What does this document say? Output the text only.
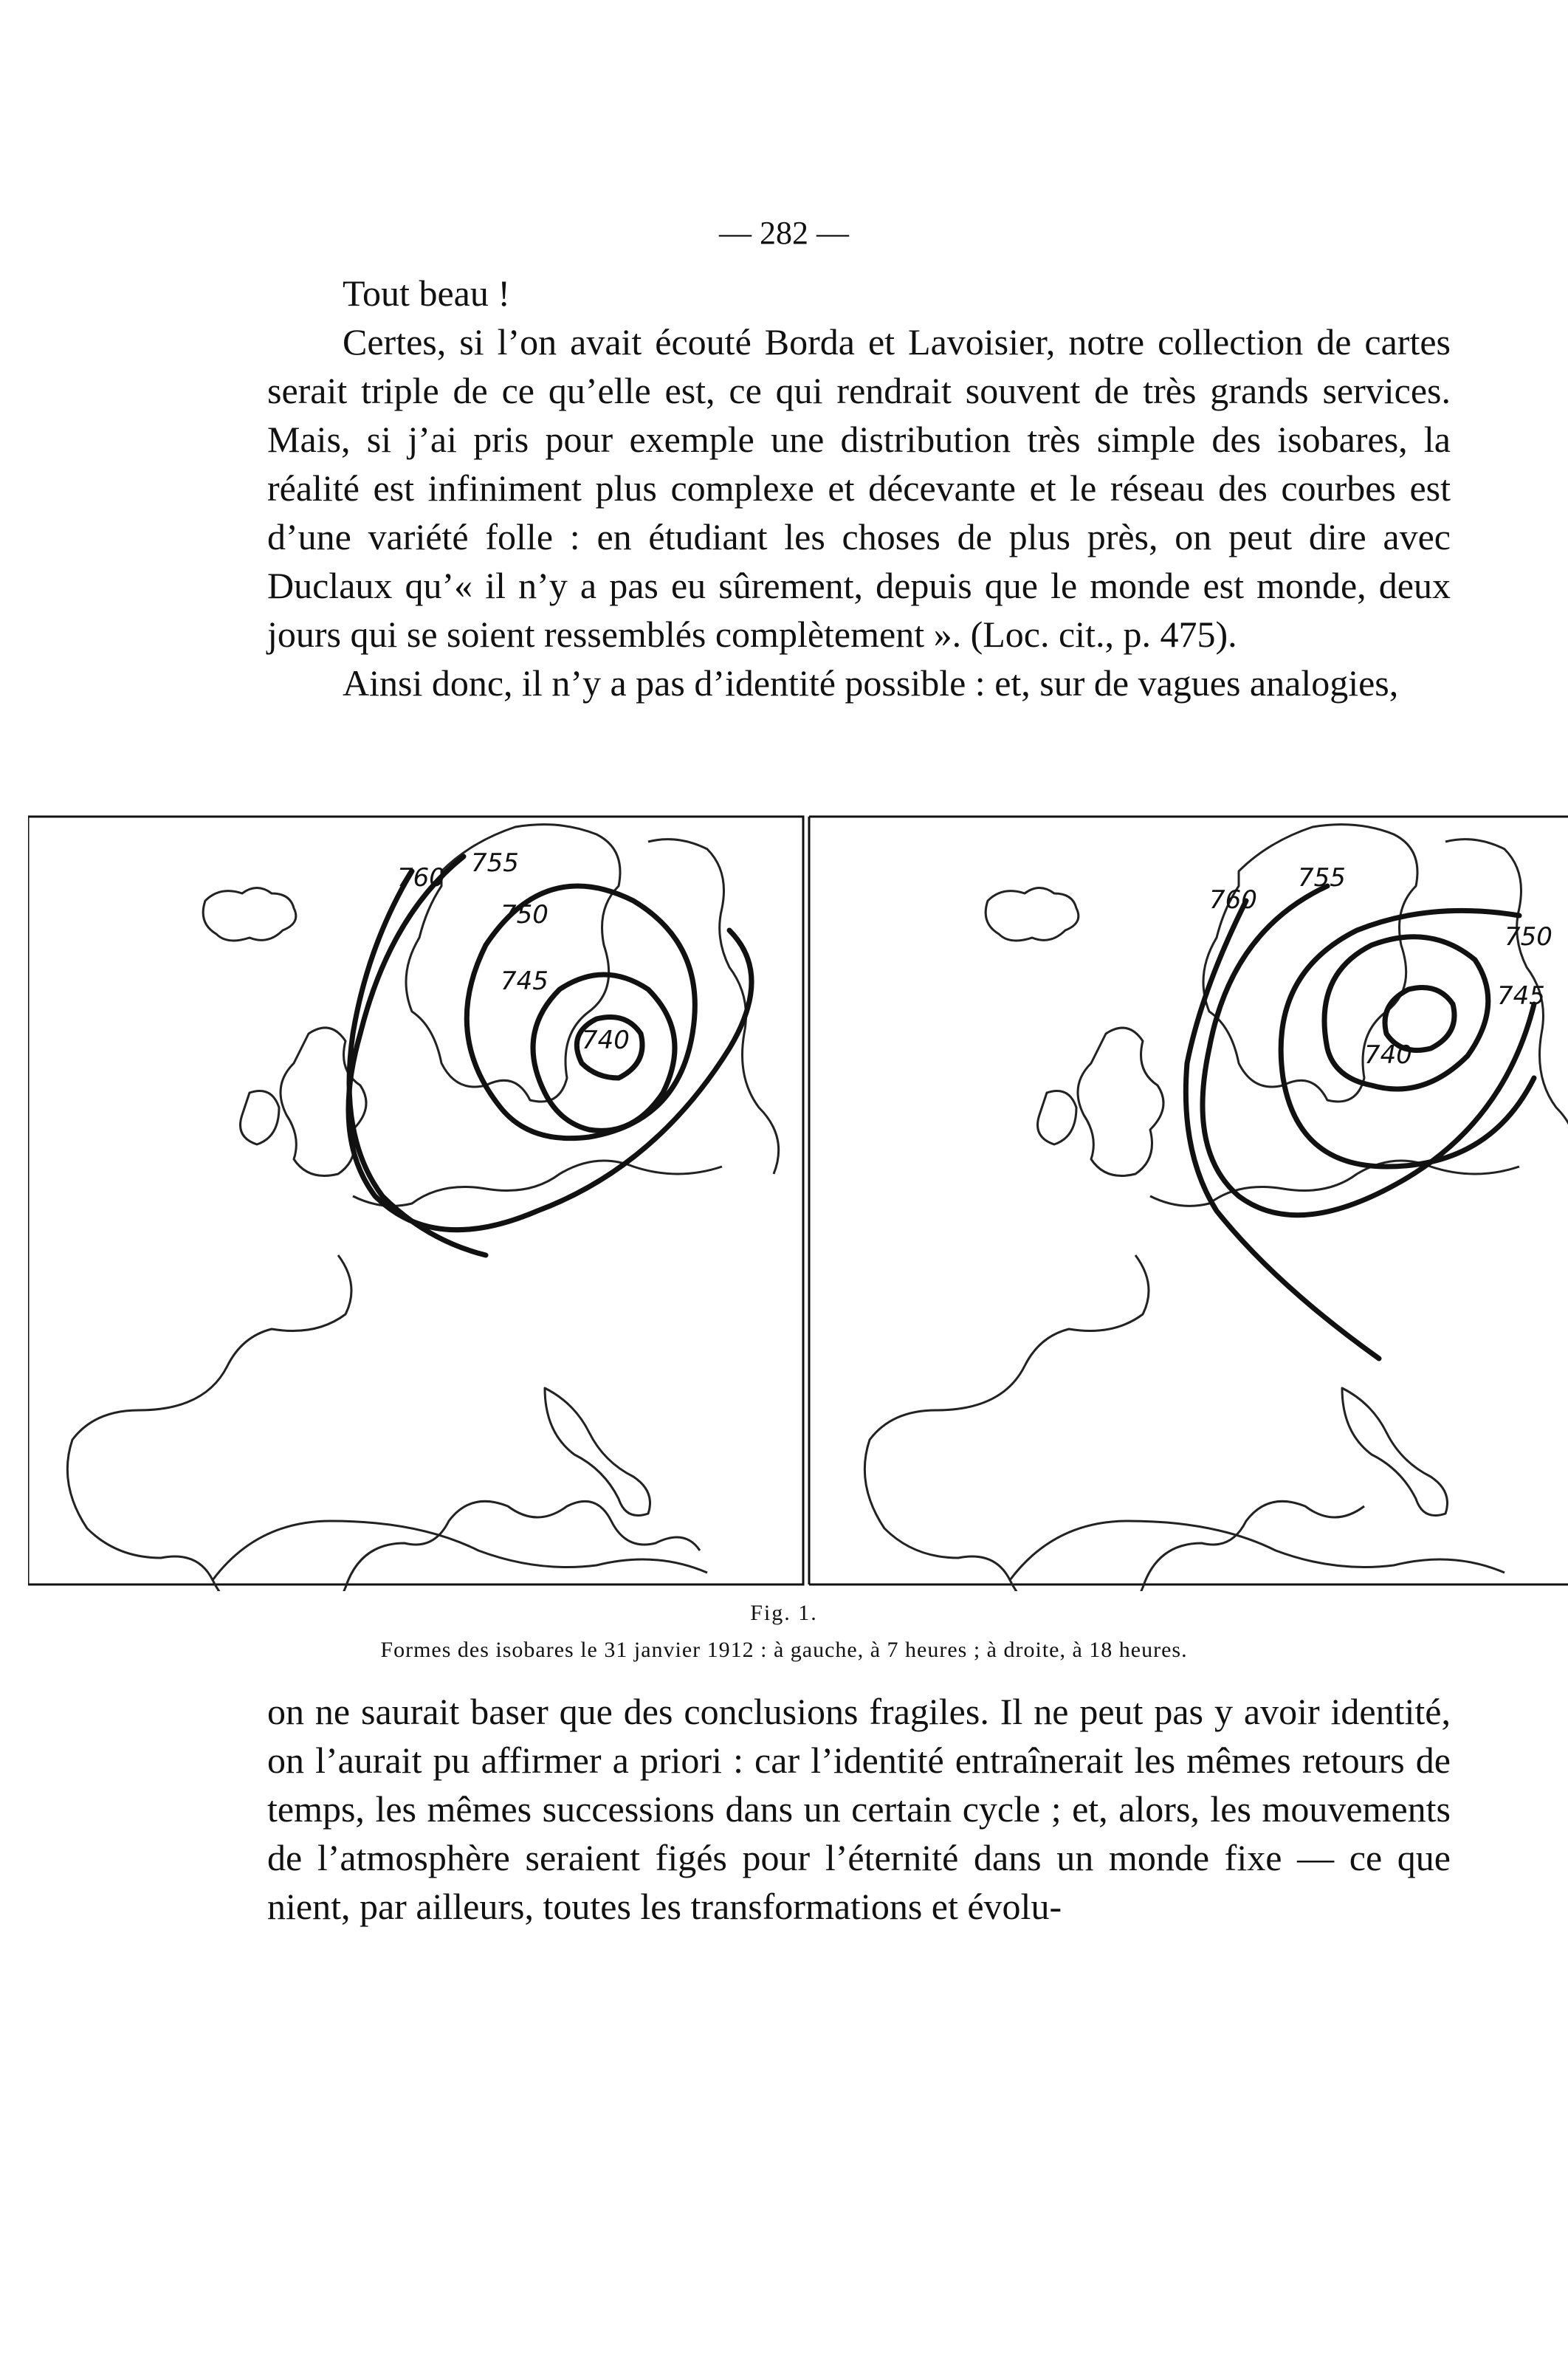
— 282 —

Tout beau !

Certes, si l’on avait écouté Borda et Lavoisier, notre collection de cartes serait triple de ce qu’elle est, ce qui rendrait souvent de très grands services. Mais, si j’ai pris pour exemple une distribution très simple des isobares, la réalité est infiniment plus complexe et décevante et le réseau des courbes est d’une variété folle : en étudiant les choses de plus près, on peut dire avec Duclaux qu’« il n’y a pas eu sûrement, depuis que le monde est monde, deux jours qui se soient ressemblés complètement ». (Loc. cit., p. 475).

Ainsi donc, il n’y a pas d’identité possible : et, sur de vagues analogies,

760 755
750
745
740
760
755
750
745
740
Fig. 1.
Formes des isobares le 31 janvier 1912 : à gauche, à 7 heures ; à droite, à 18 heures.

on ne saurait baser que des conclusions fragiles. Il ne peut pas y avoir identité, on l’aurait pu affirmer a priori : car l’identité entraînerait les mêmes retours de temps, les mêmes successions dans un certain cycle ; et, alors, les mouvements de l’atmosphère seraient figés pour l’éternité dans un monde fixe — ce que nient, par ailleurs, toutes les transformations et évolu-
